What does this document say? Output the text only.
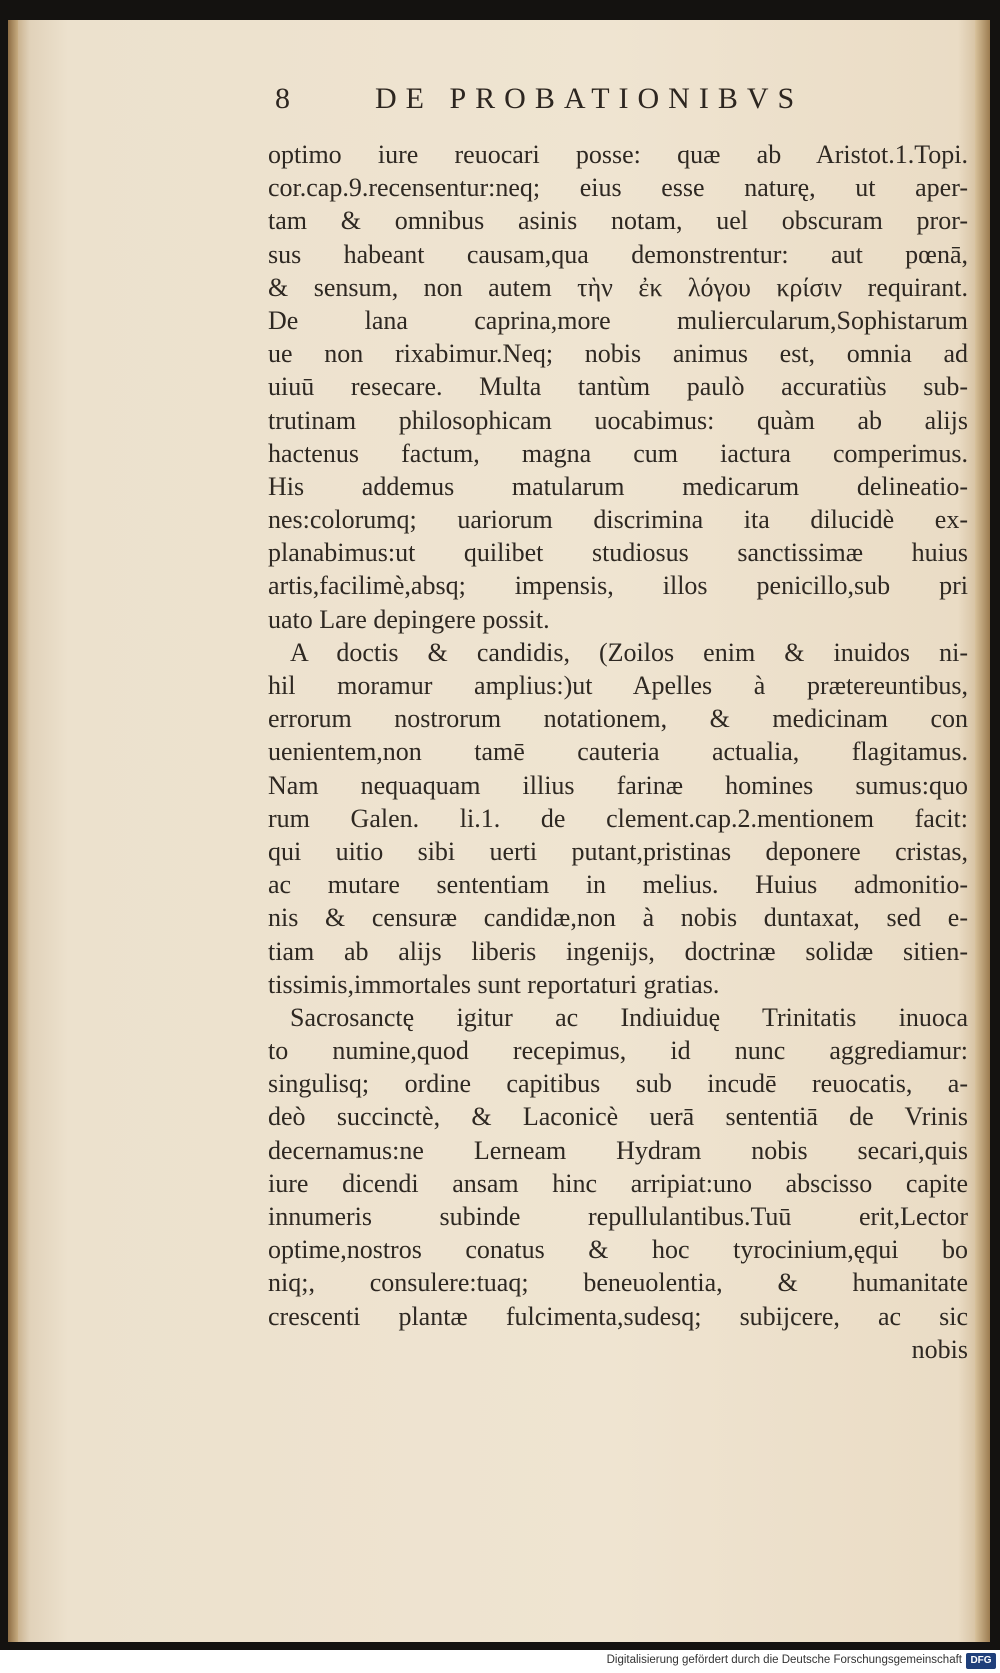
8	DE PROBATIONIBVS
optimo iure reuocari posse: quæ ab Aristot.1.Topi.
cor.cap.9.recensentur:neq; eius esse naturę, ut aper-
tam & omnibus asinis notam, uel obscuram pror-
sus habeant causam,qua demonstrentur: aut pœnā,
& sensum, non autem τὴν ἐκ λόγου κρίσιν requirant.
De lana caprina,more muliercularum,Sophistarum
ue non rixabimur.Neq; nobis animus est, omnia ad
uiuū resecare. Multa tantùm paulò accuratiùs sub-
trutinam philosophicam uocabimus: quàm ab alijs
hactenus factum, magna cum iactura comperimus.
His addemus matularum medicarum delineatio-
nes:colorumq; uariorum discrimina ita dilucidè ex-
planabimus:ut quilibet studiosus sanctissimæ huius
artis,facilimè,absq; impensis, illos penicillo,sub pri
uato Lare depingere possit.
A doctis & candidis, (Zoilos enim & inuidos ni-
hil moramur amplius:)ut Apelles à prætereuntibus,
errorum nostrorum notationem, & medicinam con
uenientem,non tamē cauteria actualia, flagitamus.
Nam nequaquam illius farinæ homines sumus:quo
rum Galen. li.1. de clement.cap.2.mentionem facit:
qui uitio sibi uerti putant,pristinas deponere cristas,
ac mutare sententiam in melius. Huius admonitio-
nis & censuræ candidæ,non à nobis duntaxat, sed e-
tiam ab alijs liberis ingenijs, doctrinæ solidæ sitien-
tissimis,immortales sunt reportaturi gratias.
Sacrosanctę igitur ac Indiuiduę Trinitatis inuoca
to numine,quod recepimus, id nunc aggrediamur:
singulisq; ordine capitibus sub incudē reuocatis, a-
deò succinctè, & Laconicè uerā sententiā de Vrinis
decernamus:ne Lerneam Hydram nobis secari,quis
iure dicendi ansam hinc arripiat:uno abscisso capite
innumeris subinde repullulantibus.Tuū erit,Lector
optime,nostros conatus & hoc tyrocinium,ęqui bo
niq;, consulere:tuaq; beneuolentia, & humanitate
crescenti plantæ fulcimenta,sudesq; subijcere, ac sic
nobis
Digitalisierung gefördert durch die Deutsche Forschungsgemeinschaft DFG
